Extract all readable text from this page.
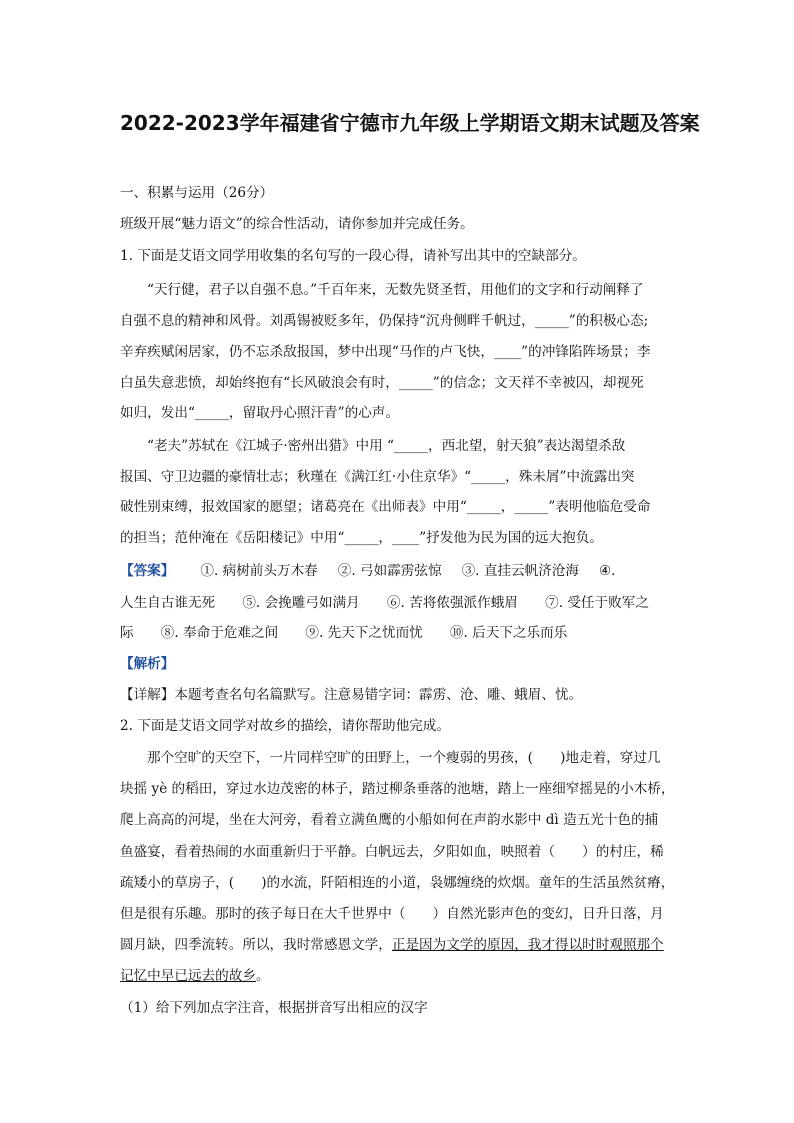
2022-2023学年福建省宁德市九年级上学期语文期末试题及答案

一、积累与运用（26分）

班级开展“魅力语文”的综合性活动，请你参加并完成任务。

1. 下面是艾语文同学用收集的名句写的一段心得，请补写出其中的空缺部分。

“天行健，君子以自强不息。”千百年来，无数先贤圣哲，用他们的文字和行动阐释了

自强不息的精神和风骨。刘禹锡被贬多年，仍保持“沉舟侧畔千帆过，_____”的积极心态;

辛弃疾赋闲居家，仍不忘杀敌报国，梦中出现“马作的卢飞快，____”的冲锋陷阵场景；李

白虽失意悲愤，却始终抱有“长风破浪会有时，_____”的信念；文天祥不幸被囚，却视死

如归，发出“_____，留取丹心照汗青”的心声。

“老夫”苏轼在《江城子·密州出猎》中用 “_____，西北望，射天狼”表达渴望杀敌

报国、守卫边疆的豪情壮志；秋瑾在《满江红·小住京华》“_____，殊未屑”中流露出突

破性别束缚，报效国家的愿望；诸葛亮在《出师表》中用“_____，_____”表明他临危受命

的担当；范仲淹在《岳阳楼记》中用“_____，____”抒发他为民为国的远大抱负。

【答案】 ①. 病树前头万木春 ②. 弓如霹雳弦惊 ③. 直挂云帆济沧海 ④.

人生自古谁无死　　⑤. 会挽雕弓如满月　　⑥. 苦将侬强派作蛾眉　　⑦. 受任于败军之

际　　⑧. 奉命于危难之间　　⑨. 先天下之忧而忧　　⑩. 后天下之乐而乐

【解析】

【详解】本题考查名句名篇默写。注意易错字词：霹雳、沧、雕、蛾眉、忧。

2. 下面是艾语文同学对故乡的描绘，请你帮助他完成。

那个空旷的天空下，一片同样空旷的田野上，一个瘦弱的男孩，(　　)地走着，穿过几

块摇 yè 的稻田，穿过水边茂密的林子，踏过柳条垂落的池塘，踏上一座细窄摇晃的小木桥，

爬上高高的河堤，坐在大河旁，看着立满鱼鹰的小船如何在声韵水影中 dì 造五光十色的捕

鱼盛宴，看着热闹的水面重新归于平静。白帆远去，夕阳如血，映照着（　　）的村庄，稀

疏矮小的草房子，(　　)的水流，阡陌相连的小道，袅娜缠绕的炊烟。童年的生活虽然贫瘠，

但是很有乐趣。那时的孩子每日在大千世界中（　　）自然光影声色的变幻，日升日落，月

圆月缺，四季流转。所以，我时常感恩文学，正是因为文学的原因，我才得以时时观照那个

记忆中早已远去的故乡。

（1）给下列加点字注音，根据拼音写出相应的汉字
